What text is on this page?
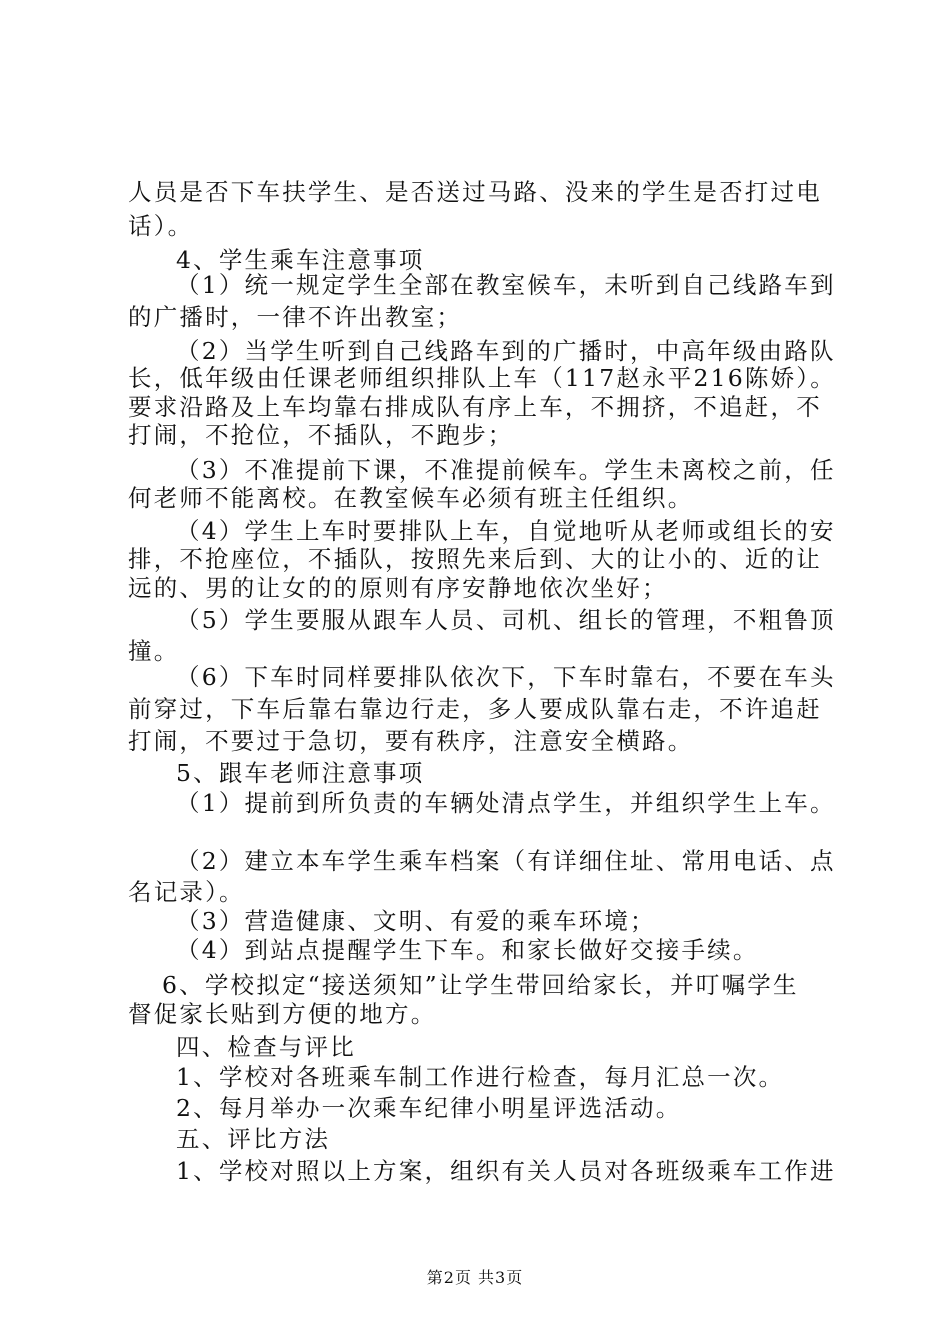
人员是否下车扶学生、是否送过马路、没来的学生是否打过电
话）。
4、学生乘车注意事项
（1）统一规定学生全部在教室候车，未听到自己线路车到
的广播时，一律不许出教室；
（2）当学生听到自己线路车到的广播时，中高年级由路队
长，低年级由任课老师组织排队上车（117赵永平216陈娇）。
要求沿路及上车均靠右排成队有序上车，不拥挤，不追赶，不
打闹，不抢位，不插队，不跑步；
（3）不准提前下课，不准提前候车。学生未离校之前，任
何老师不能离校。在教室候车必须有班主任组织。
（4）学生上车时要排队上车，自觉地听从老师或组长的安
排，不抢座位，不插队，按照先来后到、大的让小的、近的让
远的、男的让女的的原则有序安静地依次坐好；
（5）学生要服从跟车人员、司机、组长的管理，不粗鲁顶
撞。
（6）下车时同样要排队依次下，下车时靠右，不要在车头
前穿过，下车后靠右靠边行走，多人要成队靠右走，不许追赶
打闹，不要过于急切，要有秩序，注意安全横路。
5、跟车老师注意事项
（1）提前到所负责的车辆处清点学生，并组织学生上车。
（2）建立本车学生乘车档案（有详细住址、常用电话、点
名记录）。
（3）营造健康、文明、有爱的乘车环境；
（4）到站点提醒学生下车。和家长做好交接手续。
6、学校拟定“接送须知”让学生带回给家长，并叮嘱学生
督促家长贴到方便的地方。
四、检查与评比
1、学校对各班乘车制工作进行检查，每月汇总一次。
2、每月举办一次乘车纪律小明星评选活动。
五、评比方法
1、学校对照以上方案，组织有关人员对各班级乘车工作进
第2页 共3页
